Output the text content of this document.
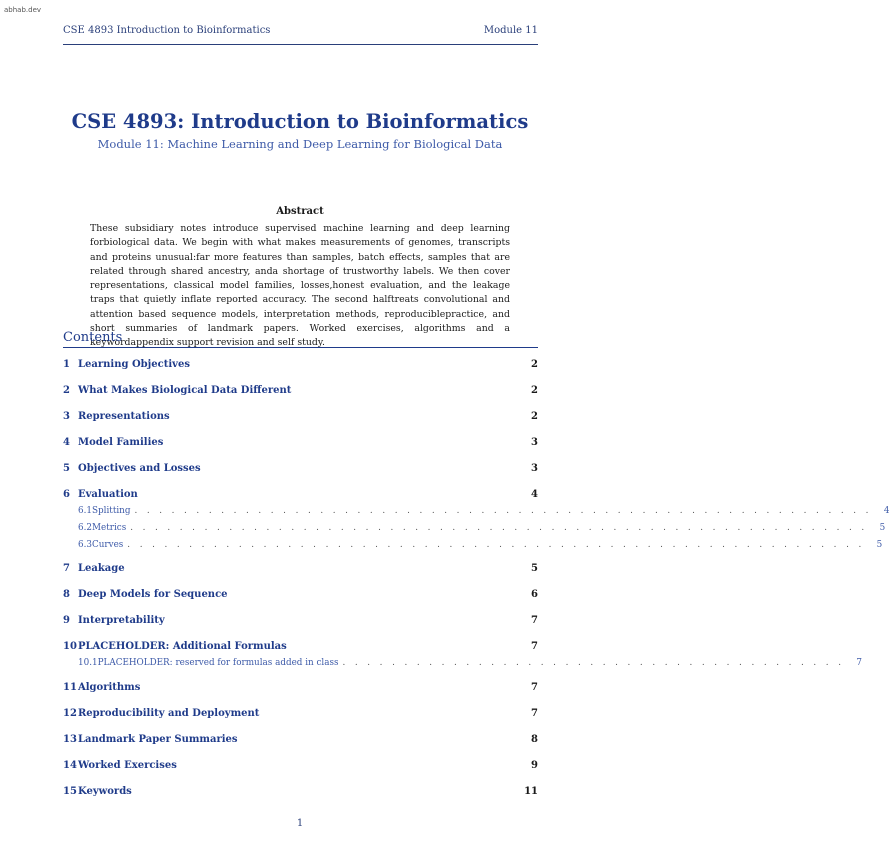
abhab.dev
CSE 4893 Introduction to Bioinformatics	Module 11
CSE 4893: Introduction to Bioinformatics
Module 11: Machine Learning and Deep Learning for Biological Data
Abstract
These subsidiary notes introduce supervised machine learning and deep learning forbiological data. We begin with what makes measurements of genomes, transcripts and proteins unusual:far more features than samples, batch effects, samples that are related through shared ancestry, anda shortage of trustworthy labels. We then cover representations, classical model families, losses,honest evaluation, and the leakage traps that quietly inflate reported accuracy. The second halftreats convolutional and attention based sequence models, interpretation methods, reproduciblepractice, and short summaries of landmark papers. Worked exercises, algorithms and a keywordappendix support revision and self study.
Contents
1 Learning Objectives	2
2 What Makes Biological Data Different	2
3 Representations	2
4 Model Families	3
5 Objectives and Losses	3
6 Evaluation	4
6.1 Splitting . . . . . . . . . . . . . . . . . . . . . . . . . . . . . . . . . . . . . . . . . . . . . . . . . . . . . . . . . . . .	4
6.2 Metrics . . . . . . . . . . . . . . . . . . . . . . . . . . . . . . . . . . . . . . . . . . . . . . . . . . . . . . . . . . . .	5
6.3 Curves . . . . . . . . . . . . . . . . . . . . . . . . . . . . . . . . . . . . . . . . . . . . . . . . . . . . . . . . . . . .	5
7 Leakage	5
8 Deep Models for Sequence	6
9 Interpretability	7
10 PLACEHOLDER: Additional Formulas	7
10.1 PLACEHOLDER: reserved for formulas added in class . . . . . . . . . . . . . . . . . . . . . . . . . . . . . . . . . . . . . . . . .	7
11 Algorithms	7
12 Reproducibility and Deployment	7
13 Landmark Paper Summaries	8
14 Worked Exercises	9
15 Keywords	11
1
